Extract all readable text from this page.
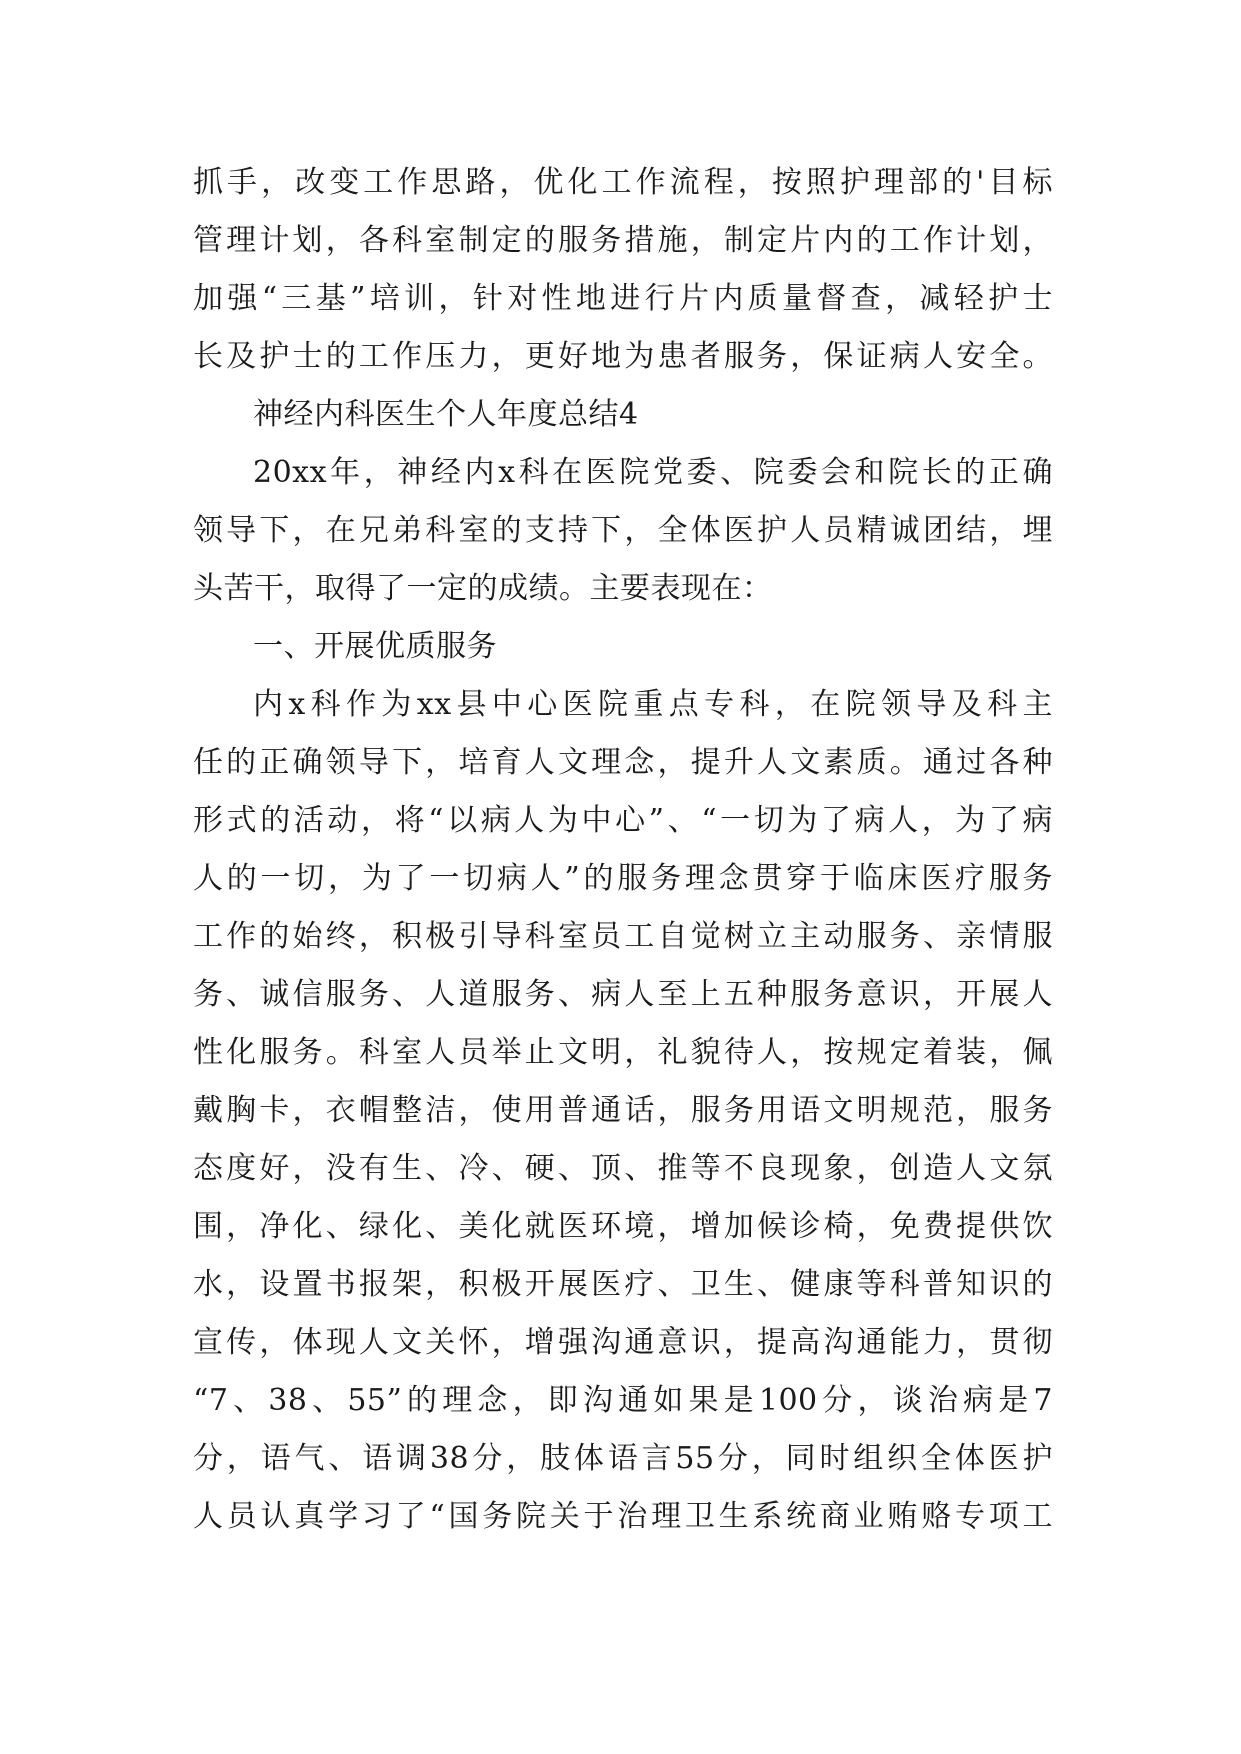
抓手，改变工作思路，优化工作流程，按照护理部的'目标
管理计划，各科室制定的服务措施，制定片内的工作计划，
加强“三基”培训，针对性地进行片内质量督查，减轻护士
长及护士的工作压力，更好地为患者服务，保证病人安全。
神经内科医生个人年度总结4
20xx年，神经内x科在医院党委、院委会和院长的正确
领导下，在兄弟科室的支持下，全体医护人员精诚团结，埋
头苦干，取得了一定的成绩。主要表现在：
一、开展优质服务
内x科作为xx县中心医院重点专科，在院领导及科主
任的正确领导下，培育人文理念，提升人文素质。通过各种
形式的活动，将“以病人为中心”、“一切为了病人，为了病
人的一切，为了一切病人”的服务理念贯穿于临床医疗服务
工作的始终，积极引导科室员工自觉树立主动服务、亲情服
务、诚信服务、人道服务、病人至上五种服务意识，开展人
性化服务。科室人员举止文明，礼貌待人，按规定着装，佩
戴胸卡，衣帽整洁，使用普通话，服务用语文明规范，服务
态度好，没有生、冷、硬、顶、推等不良现象，创造人文氛
围，净化、绿化、美化就医环境，增加候诊椅，免费提供饮
水，设置书报架，积极开展医疗、卫生、健康等科普知识的
宣传，体现人文关怀，增强沟通意识，提高沟通能力，贯彻
“7、38、55”的理念，即沟通如果是100分，谈治病是7
分，语气、语调38分，肢体语言55分，同时组织全体医护
人员认真学习了“国务院关于治理卫生系统商业贿赂专项工
